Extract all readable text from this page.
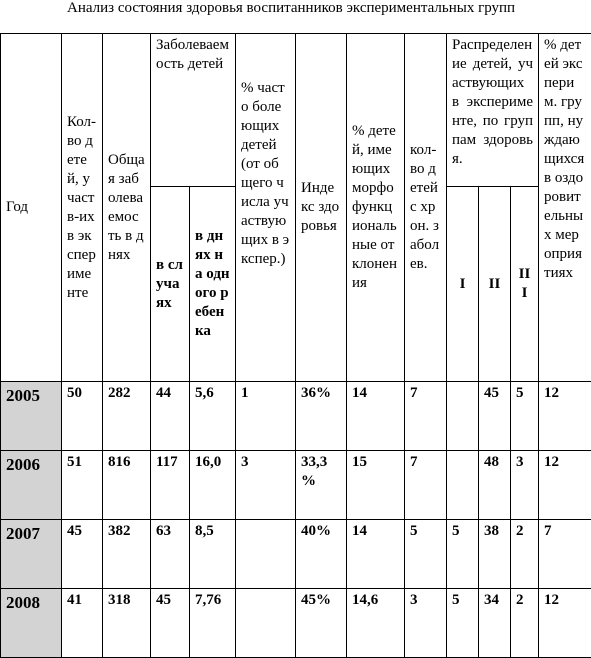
Анализ состояния здоровья воспитанников экспериментальных групп
Год	Кол-во детей, участв-их в эксперименте	Общая заболеваемость в днях	Заболеваемость детей		% часто болеющих детей (от общего числа участвующих в экспер.)	Индекс здоровья	% детей, имеющих морфофункциональные отклонения	кол-во детей с хрон. заболев.	Распределение детей, участвующих в эксперименте, по группам здоровья.			% детей эксперим. групп, нуждающихся в оздоровительных мероприятиях
			в случаях	в днях на одного ребенка					I	II	III	
2005	50	282	44	5,6	1	36%	14	7		45	5	12
2006	51	816	117	16,0	3	33,3 %	15	7		48	3	12
2007	45	382	63	8,5		40%	14	5	5	38	2	7
2008	41	318	45	7,76		45%	14,6	3	5	34	2	12
